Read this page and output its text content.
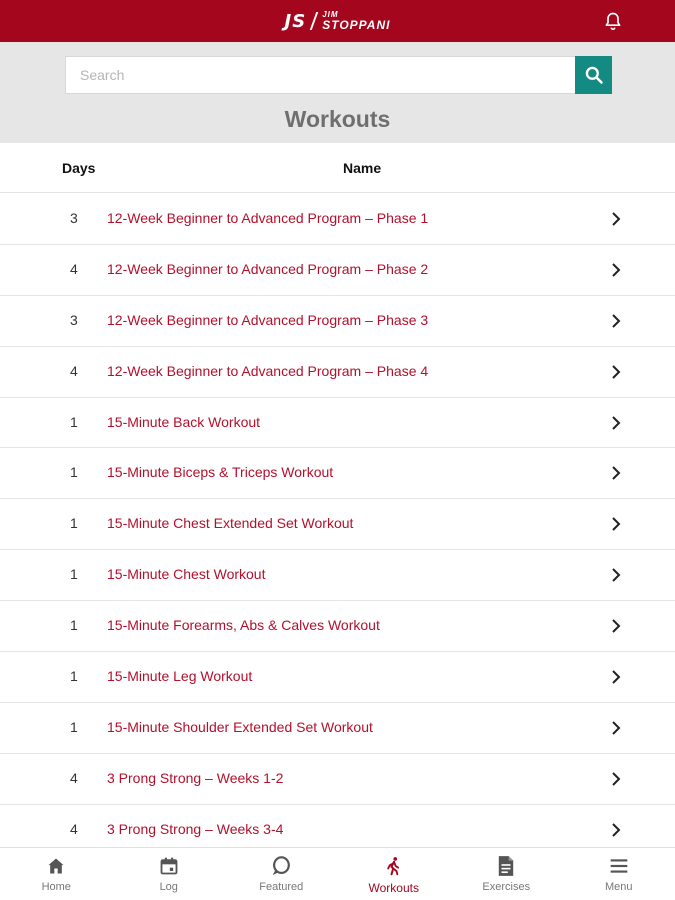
JS JIM
STOPPANI
Search
Workouts
Days	Name
3 12-Week Beginner to Advanced Program – Phase 1
4 12-Week Beginner to Advanced Program – Phase 2
3 12-Week Beginner to Advanced Program – Phase 3
4 12-Week Beginner to Advanced Program – Phase 4
1 15-Minute Back Workout
1 15-Minute Biceps & Triceps Workout
1 15-Minute Chest Extended Set Workout
1 15-Minute Chest Workout
1 15-Minute Forearms, Abs & Calves Workout
1 15-Minute Leg Workout
1 15-Minute Shoulder Extended Set Workout
4 3 Prong Strong – Weeks 1-2
4 3 Prong Strong – Weeks 3-4
Home	Log	Featured	Workouts	Exercises	Menu
